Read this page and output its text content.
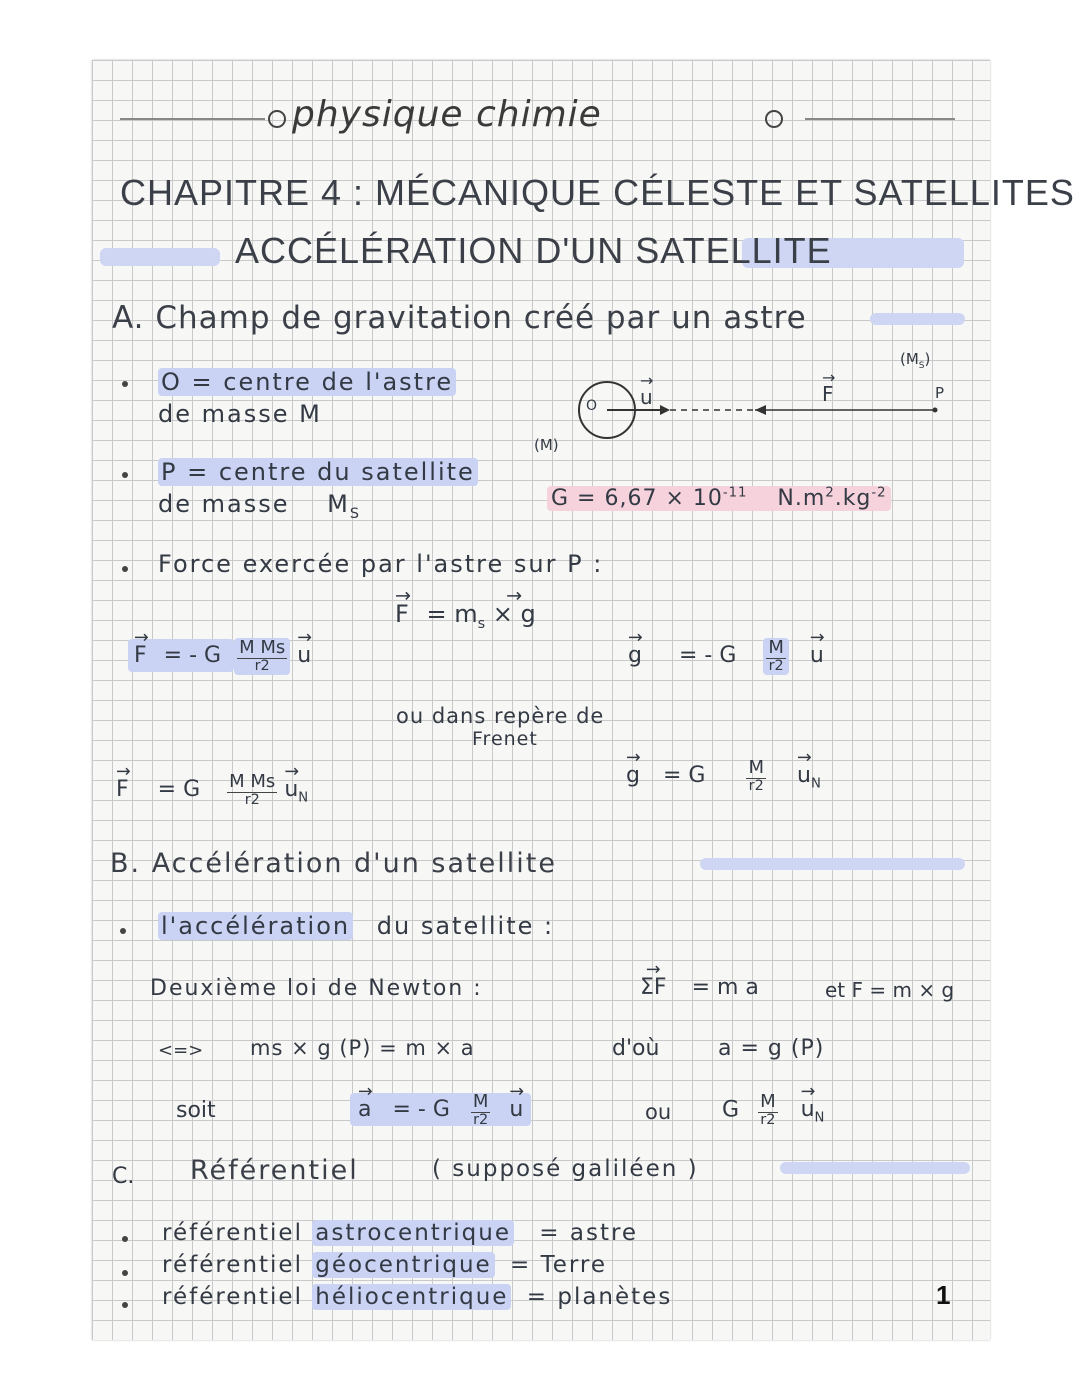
physique chimie
CHAPITRE 4 : MÉCANIQUE CÉLESTE ET SATELLITES
ACCÉLÉRATION D'UN SATELLITE
A. Champ de gravitation créé par un astre
O = centre de l'astre
de masse M
P = centre du satellite
de masse $M_S$
O
(M)
→ u
→	F
$(M_S)$
P
$G = 6,67 \times 10^{-11}$ $N.m^2.kg^{-2}$
Force exercée par l'astre sur P :
→ $F = m_s$ → × g
→ F = - G $\frac{\text{M Ms}}{r2}$
→ u
→	g = - G $\frac{M}{r2}$
→ u
ou dans repère de
Frenet
→ F = G $\frac{\text{M Ms}}{r2}$
→ $u_N$
→ g = G $\frac{M}{r2}$
→ $u_N$
B. Accélération d'un satellite
l'accélération du satellite :
Deuxième loi de Newton :
→	ΣF = m a	et F = m × g
<=> ms × g (P) = m × a	d'où	a = g (P)
soit
→	a = - G $\frac{M}{r2}$
→ u	ou G $\frac{M}{r2}$
→ $u_N$
C. Référentiel	( supposé galiléen )
référentiel astrocentrique = astre
référentiel géocentrique = Terre
référentiel héliocentrique = planètes	1
